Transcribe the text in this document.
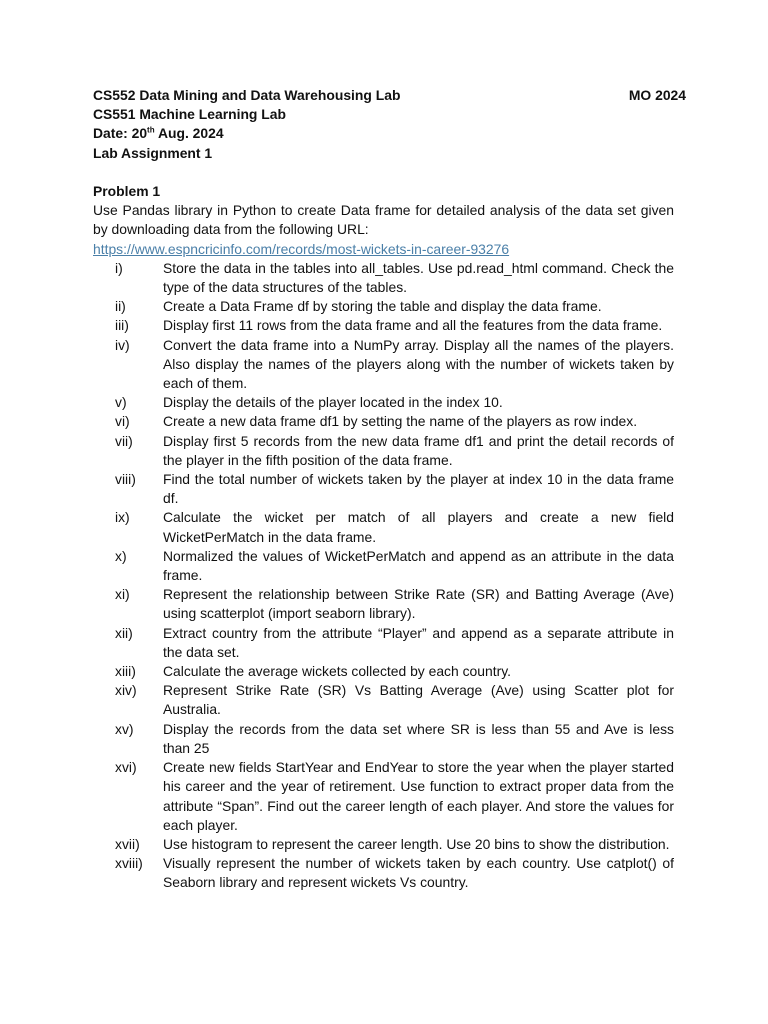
CS552 Data Mining and Data Warehousing Lab	MO 2024
CS551 Machine Learning Lab
Date: 20th Aug. 2024
Lab Assignment 1
Problem 1
Use Pandas library in Python to create Data frame for detailed analysis of the data set given by downloading data from the following URL:
https://www.espncricinfo.com/records/most-wickets-in-career-93276
i)	Store the data in the tables into all_tables. Use pd.read_html command. Check the type of the data structures of the tables.
ii)	Create a Data Frame df by storing the table and display the data frame.
iii)	Display first 11 rows from the data frame and all the features from the data frame.
iv)	Convert the data frame into a NumPy array. Display all the names of the players. Also display the names of the players along with the number of wickets taken by each of them.
v)	Display the details of the player located in the index 10.
vi)	Create a new data frame df1 by setting the name of the players as row index.
vii)	Display first 5 records from the new data frame df1 and print the detail records of the player in the fifth position of the data frame.
viii)	Find the total number of wickets taken by the player at index 10 in the data frame df.
ix)	Calculate the wicket per match of all players and create a new field WicketPerMatch in the data frame.
x)	Normalized the values of WicketPerMatch and append as an attribute in the data frame.
xi)	Represent the relationship between Strike Rate (SR) and Batting Average (Ave) using scatterplot (import seaborn library).
xii)	Extract country from the attribute “Player” and append as a separate attribute in the data set.
xiii)	Calculate the average wickets collected by each country.
xiv)	Represent Strike Rate (SR) Vs Batting Average (Ave) using Scatter plot for Australia.
xv)	Display the records from the data set where SR is less than 55 and Ave is less than 25
xvi)	Create new fields StartYear and EndYear to store the year when the player started his career and the year of retirement. Use function to extract proper data from the attribute “Span”. Find out the career length of each player. And store the values for each player.
xvii)	Use histogram to represent the career length. Use 20 bins to show the distribution.
xviii)	Visually represent the number of wickets taken by each country. Use catplot() of Seaborn library and represent wickets Vs country.
